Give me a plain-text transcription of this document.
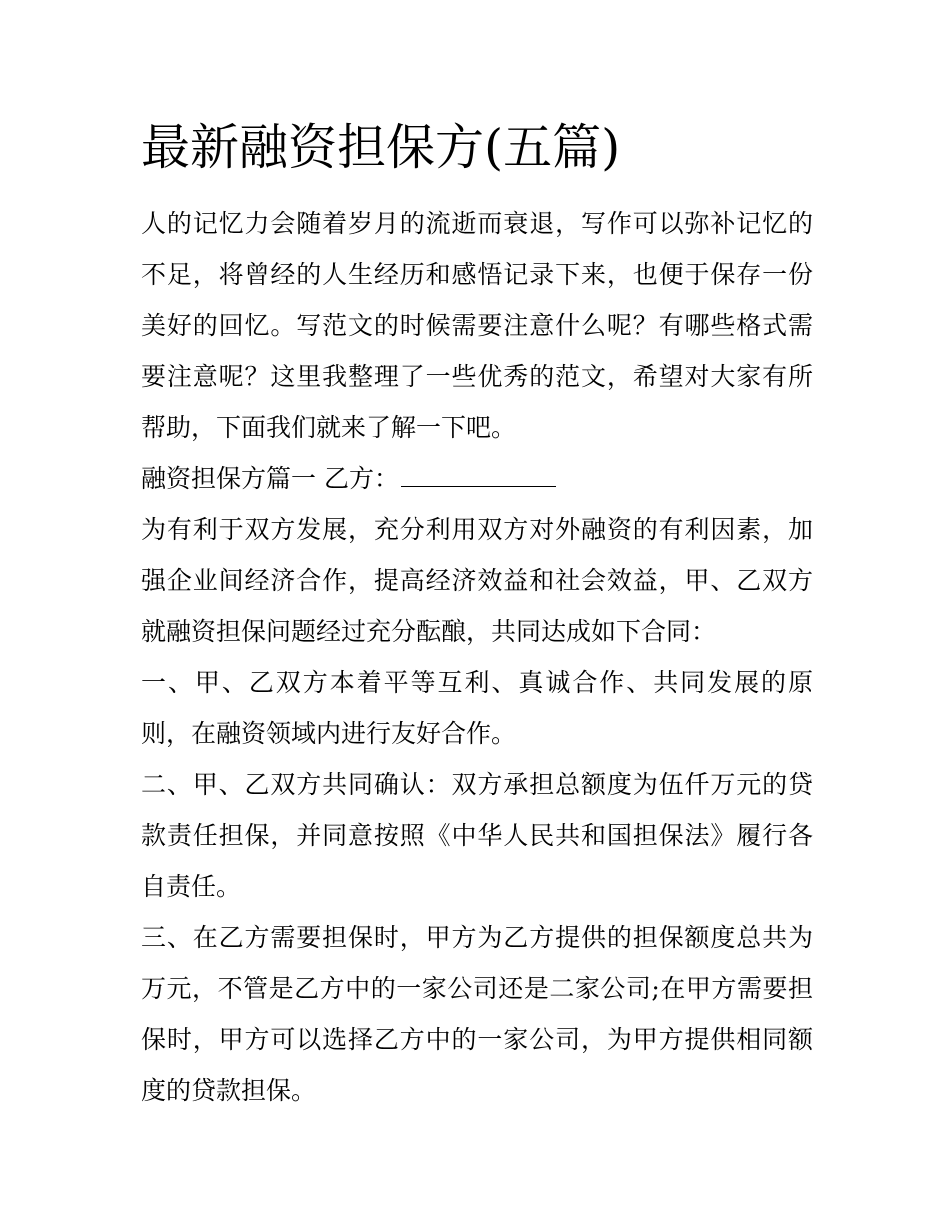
最新融资担保方(五篇)

人的记忆力会随着岁月的流逝而衰退，写作可以弥补记忆的不足，将曾经的人生经历和感悟记录下来，也便于保存一份美好的回忆。写范文的时候需要注意什么呢？有哪些格式需要注意呢？这里我整理了一些优秀的范文，希望对大家有所帮助，下面我们就来了解一下吧。

融资担保方篇一 乙方：

为有利于双方发展，充分利用双方对外融资的有利因素，加强企业间经济合作，提高经济效益和社会效益，甲、乙双方就融资担保问题经过充分酝酿，共同达成如下合同：

一、甲、乙双方本着平等互利、真诚合作、共同发展的原则，在融资领域内进行友好合作。

二、甲、乙双方共同确认：双方承担总额度为伍仟万元的贷款责任担保，并同意按照《中华人民共和国担保法》履行各自责任。

三、在乙方需要担保时，甲方为乙方提供的担保额度总共为万元，不管是乙方中的一家公司还是二家公司;在甲方需要担保时，甲方可以选择乙方中的一家公司，为甲方提供相同额度的贷款担保。
